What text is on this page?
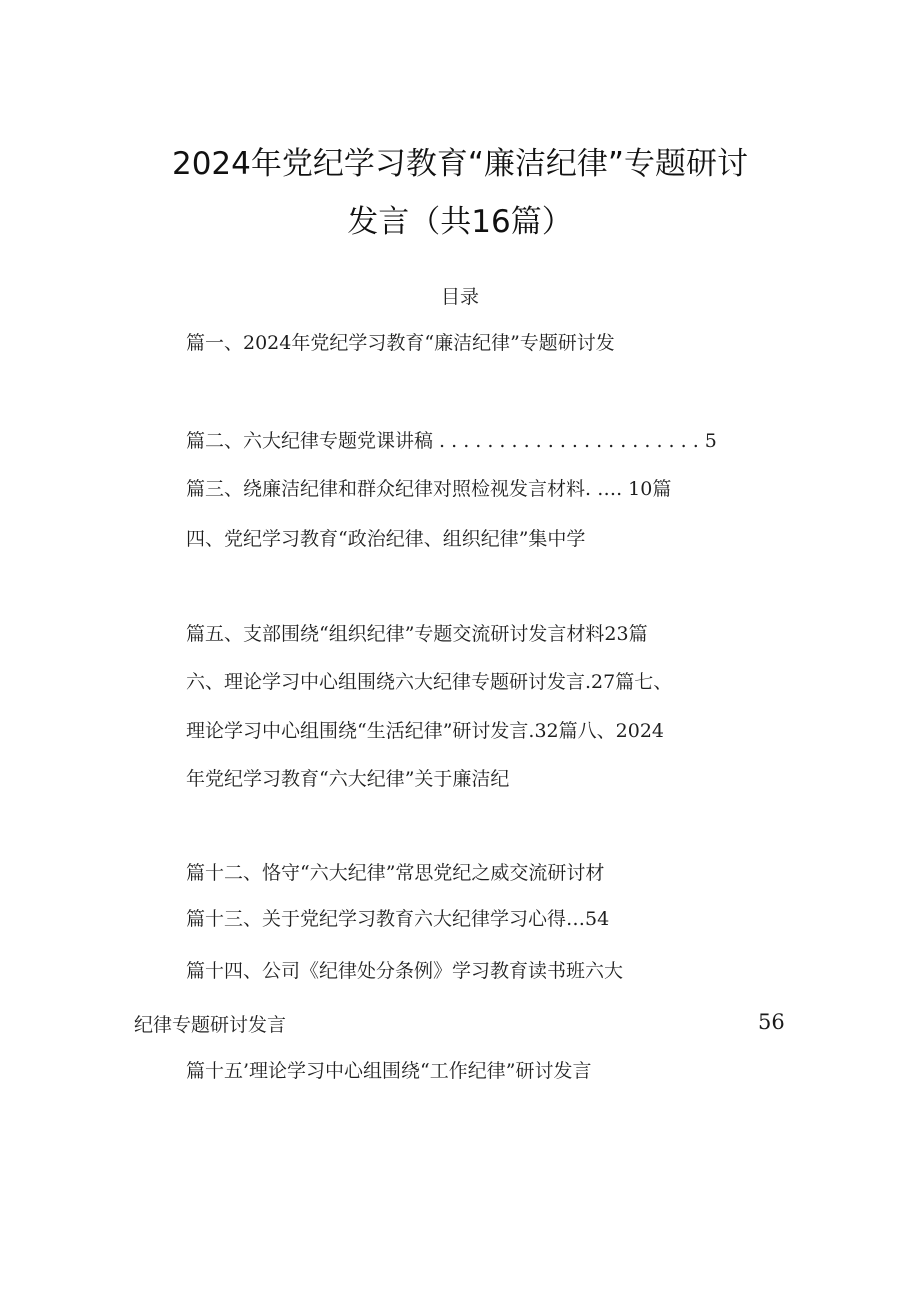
2024年党纪学习教育“廉洁纪律”专题研讨
发言（共16篇）
目录
篇一、2024年党纪学习教育“廉洁纪律”专题研讨发
篇二、六大纪律专题党课讲稿 . . . . . . . . . . . . . . . . . . . . . . 5
篇三、绕廉洁纪律和群众纪律对照检视发言材料. …. 10篇
四、党纪学习教育“政治纪律、组织纪律”集中学
篇五、支部围绕“组织纪律”专题交流研讨发言材料23篇
六、理论学习中心组围绕六大纪律专题研讨发言.27篇七、
理论学习中心组围绕“生活纪律”研讨发言.32篇八、2024
年党纪学习教育“六大纪律”关于廉洁纪
篇十二、恪守“六大纪律”常思党纪之威交流研讨材
篇十三、关于党纪学习教育六大纪律学习心得…54
篇十四、公司《纪律处分条例》学习教育读书班六大
纪律专题研讨发言	56
篇十五’理论学习中心组围绕“工作纪律”研讨发言
